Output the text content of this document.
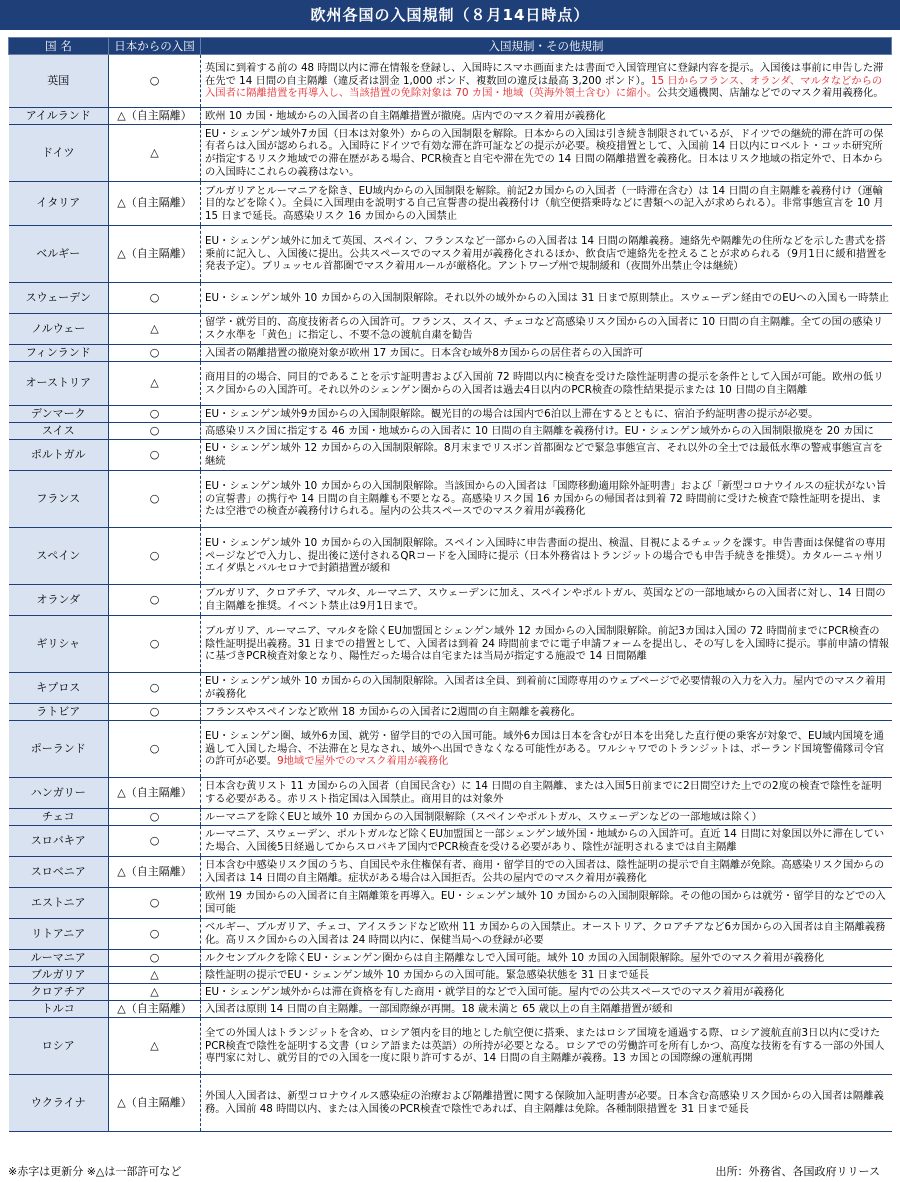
欧州各国の入国規制（８月14日時点）
国 名	日本からの入国	入国規制・その他規制
英国	○	英国に到着する前の 48 時間以内に滞在情報を登録し、入国時にスマホ画面または書面で入国管理官に登録内容を提示。入国後は事前に申告した滞在先で 14 日間の自主隔離（違反者は罰金 1,000 ポンド、複数回の違反は最高 3,200 ポンド）。15 日からフランス、オランダ、マルタなどからの入国者に隔離措置を再導入し、当該措置の免除対象は 70 カ国・地域（英海外領土含む）に縮小。公共交通機関、店舗などでのマスク着用義務化。
アイルランド	△（自主隔離）	欧州 10 カ国・地域からの入国者の自主隔離措置が撤廃。店内でのマスク着用が義務化
ドイツ	△	EU・シェンゲン域外7カ国（日本は対象外）からの入国制限を解除。日本からの入国は引き続き制限されているが、ドイツでの継続的滞在許可の保有者らは入国が認められる。入国時にドイツで有効な滞在許可証などの提示が必要。検疫措置として、入国前 14 日以内にロベルト・コッホ研究所が指定するリスク地域での滞在歴がある場合、PCR検査と自宅や滞在先での 14 日間の隔離措置を義務化。日本はリスク地域の指定外で、日本からの入国時にこれらの義務はない。
イタリア	△（自主隔離）	ブルガリアとルーマニアを除き、EU域内からの入国制限を解除。前記2カ国からの入国者（一時滞在含む）は 14 日間の自主隔離を義務付け（運輸目的などを除く）。全員に入国理由を説明する自己宣誓書の提出義務付け（航空便搭乗時などに書類への記入が求められる）。非常事態宣言を 10 月 15 日まで延長。高感染リスク 16 カ国からの入国禁止
ベルギー	△（自主隔離）	EU・シェンゲン域外に加えて英国、スペイン、フランスなど一部からの入国者は 14 日間の隔離義務。連絡先や隔離先の住所などを示した書式を搭乗前に記入し、入国後に提出。公共スペースでのマスク着用が義務化されるほか、飲食店で連絡先を控えることが求められる（9月1日に緩和措置を発表予定）。ブリュッセル首都圏でマスク着用ルールが厳格化。アントワープ州で規制緩和（夜間外出禁止令は継続）
スウェーデン	○	EU・シェンゲン域外 10 カ国からの入国制限解除。それ以外の域外からの入国は 31 日まで原則禁止。スウェーデン経由でのEUへの入国も一時禁止
ノルウェー	△	留学・就労目的、高度技術者らの入国許可。フランス、スイス、チェコなど高感染リスク国からの入国者に 10 日間の自主隔離。全ての国の感染リスク水準を「黄色」に指定し、不要不急の渡航自粛を勧告
フィンランド	○	入国者の隔離措置の撤廃対象が欧州 17 カ国に。日本含む域外8カ国からの居住者らの入国許可
オーストリア	△	商用目的の場合、同目的であることを示す証明書および入国前 72 時間以内に検査を受けた陰性証明書の提示を条件として入国が可能。欧州の低リスク国からの入国許可。それ以外のシェンゲン圏からの入国者は過去4日以内のPCR検査の陰性結果提示または 10 日間の自主隔離
デンマーク	○	EU・シェンゲン域外9カ国からの入国制限解除。観光目的の場合は国内で6泊以上滞在するとともに、宿泊予約証明書の提示が必要。
スイス	○	高感染リスク国に指定する 46 カ国・地域からの入国者に 10 日間の自主隔離を義務付け。EU・シェンゲン域外からの入国制限撤廃を 20 カ国に
ポルトガル	○	EU・シェンゲン域外 12 カ国からの入国制限解除。8月末までリスボン首都圏などで緊急事態宣言、それ以外の全土では最低水準の警戒事態宣言を継続
フランス	○	EU・シェンゲン域外 10 カ国からの入国制限解除。当該国からの入国者は「国際移動適用除外証明書」および「新型コロナウイルスの症状がない旨の宣誓書」の携行や 14 日間の自主隔離も不要となる。高感染リスク国 16 カ国からの帰国者は到着 72 時間前に受けた検査で陰性証明を提出、または空港での検査が義務付けられる。屋内の公共スペースでのマスク着用が義務化
スペイン	○	EU・シェンゲン域外 10 カ国からの入国制限解除。スペイン入国時に申告書面の提出、検温、目視によるチェックを課す。申告書面は保健省の専用ページなどで入力し、提出後に送付されるQRコードを入国時に提示（日本外務省はトランジットの場合でも申告手続きを推奨）。カタルーニャ州リエイダ県とバルセロナで封鎖措置が緩和
オランダ	○	ブルガリア、クロアチア、マルタ、ルーマニア、スウェーデンに加え、スペインやポルトガル、英国などの一部地域からの入国者に対し、14 日間の自主隔離を推奨。イベント禁止は9月1日まで。
ギリシャ	○	ブルガリア、ルーマニア、マルタを除くEU加盟国とシェンゲン域外 12 カ国からの入国制限解除。前記3カ国は入国の 72 時間前までにPCR検査の陰性証明提出義務。31 日までの措置として、入国者は到着 24 時間前までに電子申請フォームを提出し、その写しを入国時に提示。事前申請の情報に基づきPCR検査対象となり、陽性だった場合は自宅または当局が指定する施設で 14 日間隔離
キプロス	○	EU・シェンゲン域外 10 カ国からの入国制限解除。入国者は全員、到着前に国際専用のウェブページで必要情報の入力を入力。屋内でのマスク着用が義務化
ラトビア	○	フランスやスペインなど欧州 18 カ国からの入国者に2週間の自主隔離を義務化。
ポーランド	○	EU・シェンゲン圏、域外6カ国、就労・留学目的での入国可能。域外6カ国は日本を含むが日本を出発した直行便の乗客が対象で、EU域内国境を通過して入国した場合、不法滞在と見なされ、域外へ出国できなくなる可能性がある。ワルシャワでのトランジットは、ポーランド国境警備隊司令官の許可が必要。9地域で屋外でのマスク着用が義務化
ハンガリー	△（自主隔離）	日本含む黄リスト 11 カ国からの入国者（自国民含む）に 14 日間の自主隔離、または入国5日前までに2日間空けた上での2度の検査で陰性を証明する必要がある。赤リスト指定国は入国禁止。商用目的は対象外
チェコ	○	ルーマニアを除くEUと域外 10 カ国からの入国制限解除（スペインやポルトガル、スウェーデンなどの一部地域は除く）
スロバキア	○	ルーマニア、スウェーデン、ポルトガルなど除くEU加盟国と一部シェンゲン域外国・地域からの入国許可。直近 14 日間に対象国以外に滞在していた場合、入国後5日経過してからスロバキア国内でPCR検査を受ける必要があり、陰性が証明されるまでは自主隔離
スロベニア	△（自主隔離）	日本含む中感染リスク国のうち、自国民や永住権保有者、商用・留学目的での入国者は、陰性証明の提示で自主隔離が免除。高感染リスク国からの入国者は 14 日間の自主隔離。症状がある場合は入国拒否。公共の屋内でのマスク着用が義務化
エストニア	○	欧州 19 カ国からの入国者に自主隔離策を再導入。EU・シェンゲン域外 10 カ国からの入国制限解除。その他の国からは就労・留学目的などでの入国可能
リトアニア	○	ベルギー、ブルガリア、チェコ、アイスランドなど欧州 11 カ国からの入国禁止。オーストリア、クロアチアなど6カ国からの入国者は自主隔離義務化。高リスク国からの入国者は 24 時間以内に、保健当局への登録が必要
ルーマニア	○	ルクセンブルクを除くEU・シェンゲン圏からは自主隔離なしで入国可能。域外 10 カ国の入国制限解除。屋外でのマスク着用が義務化
ブルガリア	△	陰性証明の提示でEU・シェンゲン域外 10 カ国からの入国可能。緊急感染状態を 31 日まで延長
クロアチア	△	EU・シェンゲン域外からは滞在資格を有した商用・就学目的などで入国可能。屋内での公共スペースでのマスク着用が義務化
トルコ	△（自主隔離）	入国者は原則 14 日間の自主隔離。一部国際線が再開。18 歳未満と 65 歳以上の自主隔離措置が緩和
ロシア	△	全ての外国人はトランジットを含め、ロシア領内を目的地とした航空便に搭乗、またはロシア国境を通過する際、ロシア渡航直前3日以内に受けたPCR検査で陰性を証明する文書（ロシア語または英語）の所持が必要となる。ロシアでの労働許可を所有しかつ、高度な技術を有する一部の外国人専門家に対し、就労目的での入国を一度に限り許可するが、14 日間の自主隔離が義務。13 カ国との国際線の運航再開
ウクライナ	△（自主隔離）	外国人入国者は、新型コロナウイルス感染症の治療および隔離措置に関する保険加入証明書が必要。日本含む高感染リスク国からの入国者は隔離義務。入国前 48 時間以内、または入国後のPCR検査で陰性であれば、自主隔離は免除。各種制限措置を 31 日まで延長
※赤字は更新分 ※△は一部許可など	出所：外務省、各国政府リリース
